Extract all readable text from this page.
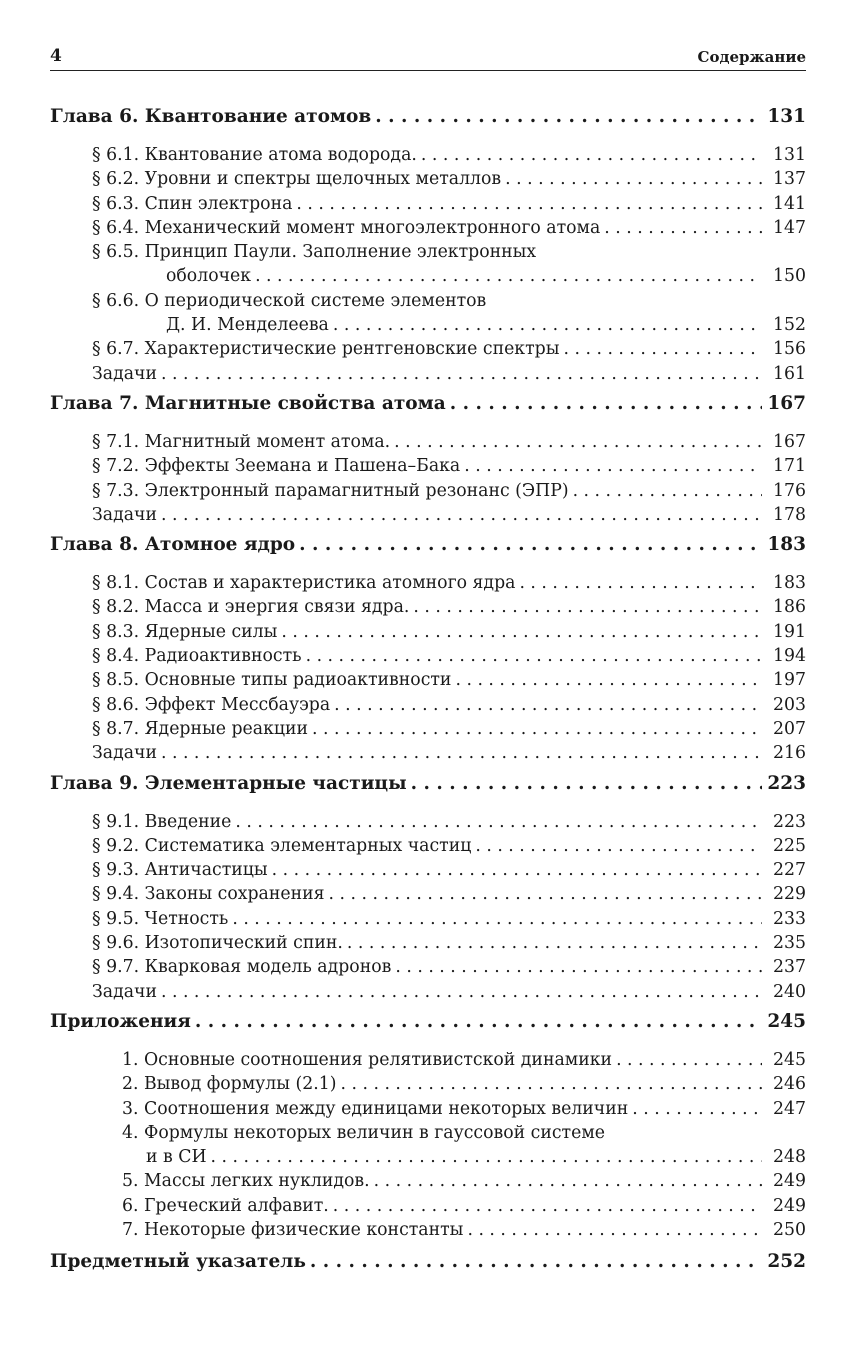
4	Содержание
Глава 6. Квантование атомов . . .	131
§ 6.1. Квантование атома водорода. . . .	131
§ 6.2. Уровни и спектры щелочных металлов . . .	137
§ 6.3. Спин электрона . . .	141
§ 6.4. Механический момент многоэлектронного атома . . .	147
§ 6.5. Принцип Паули. Заполнение электронных
оболочек . . .	150
§ 6.6. О периодической системе элементов
Д. И. Менделеева . . .	152
§ 6.7. Характеристические рентгеновские спектры . . .	156
Задачи . . .	161
Глава 7. Магнитные свойства атома . . .	167
§ 7.1. Магнитный момент атома. . . .	167
§ 7.2. Эффекты Зеемана и Пашена–Бака . . .	171
§ 7.3. Электронный парамагнитный резонанс (ЭПР) . . .	176
Задачи . . .	178
Глава 8. Атомное ядро . . .	183
§ 8.1. Состав и характеристика атомного ядра . . .	183
§ 8.2. Масса и энергия связи ядра. . . .	186
§ 8.3. Ядерные силы . . .	191
§ 8.4. Радиоактивность . . .	194
§ 8.5. Основные типы радиоактивности . . .	197
§ 8.6. Эффект Мессбауэра . . .	203
§ 8.7. Ядерные реакции . . .	207
Задачи . . .	216
Глава 9. Элементарные частицы . . .	223
§ 9.1. Введение . . .	223
§ 9.2. Систематика элементарных частиц . . .	225
§ 9.3. Античастицы . . .	227
§ 9.4. Законы сохранения . . .	229
§ 9.5. Четность . . .	233
§ 9.6. Изотопический спин. . . .	235
§ 9.7. Кварковая модель адронов . . .	237
Задачи . . .	240
Приложения . . .	245
1. Основные соотношения релятивистской динамики . . .	245
2. Вывод формулы (2.1) . . .	246
3. Соотношения между единицами некоторых величин . . .	247
4. Формулы некоторых величин в гауссовой системе
и в СИ . . .	248
5. Массы легких нуклидов. . . .	249
6. Греческий алфавит. . . .	249
7. Некоторые физические константы . . .	250
Предметный указатель . . .	252
